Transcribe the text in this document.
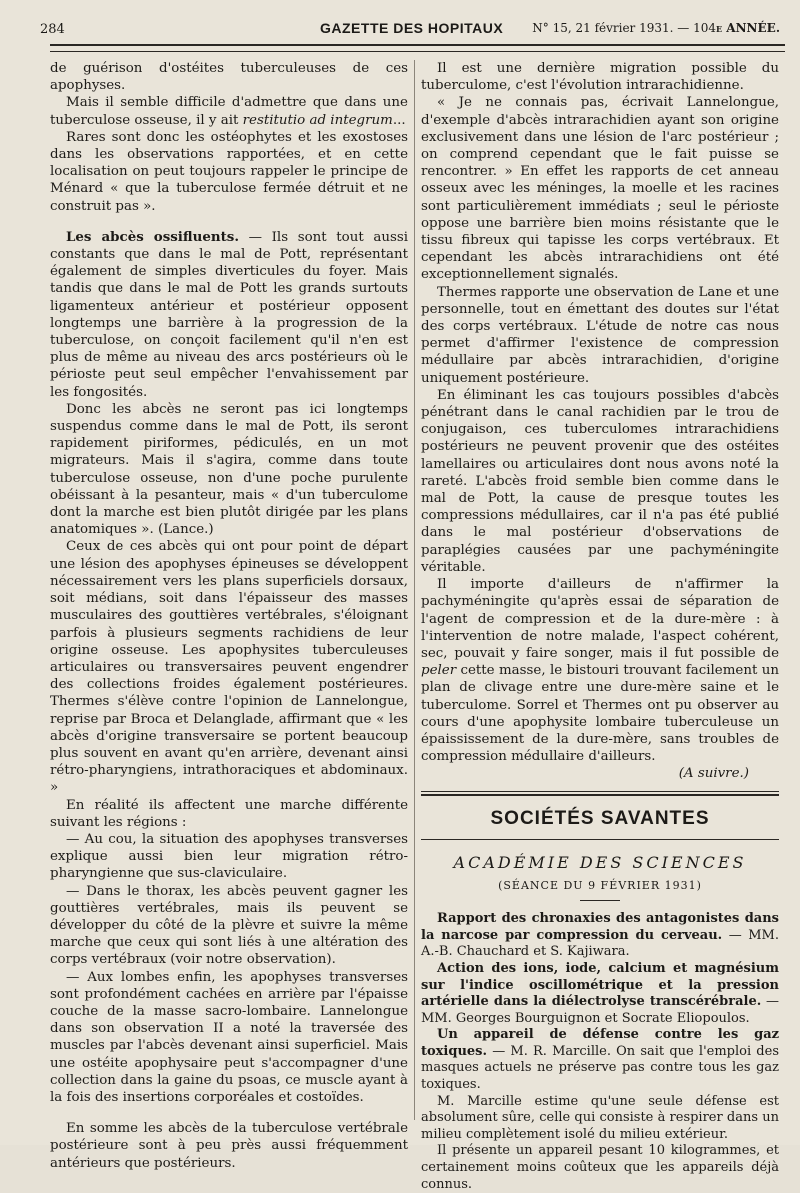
284	GAZETTE DES HOPITAUX N° 15, 21 février 1931. — 104e ANNÉE.

de guérison d'ostéites tuberculeuses de ces apophyses.

Mais il semble difficile d'admettre que dans une tuberculose osseuse, il y ait restitutio ad integrum...

Rares sont donc les ostéophytes et les exostoses dans les observations rapportées, et en cette localisation on peut toujours rappeler le principe de Ménard « que la tuberculose fermée détruit et ne construit pas ».

Les abcès ossifluents. — Ils sont tout aussi constants que dans le mal de Pott, représentant également de simples diverticules du foyer. Mais tandis que dans le mal de Pott les grands surtouts ligamenteux antérieur et postérieur opposent longtemps une barrière à la progression de la tuberculose, on conçoit facilement qu'il n'en est plus de même au niveau des arcs postérieurs où le périoste peut seul empêcher l'envahissement par les fongosités.

Donc les abcès ne seront pas ici longtemps suspendus comme dans le mal de Pott, ils seront rapidement piriformes, pédiculés, en un mot migrateurs. Mais il s'agira, comme dans toute tuberculose osseuse, non d'une poche purulente obéissant à la pesanteur, mais « d'un tuberculome dont la marche est bien plutôt dirigée par les plans anatomiques ». (Lance.)

Ceux de ces abcès qui ont pour point de départ une lésion des apophyses épineuses se développent nécessairement vers les plans superficiels dorsaux, soit médians, soit dans l'épaisseur des masses musculaires des gouttières vertébrales, s'éloignant parfois à plusieurs segments rachidiens de leur origine osseuse. Les apophysites tuberculeuses articulaires ou transversaires peuvent engendrer des collections froides également postérieures. Thermes s'élève contre l'opinion de Lannelongue, reprise par Broca et Delanglade, affirmant que « les abcès d'origine transversaire se portent beaucoup plus souvent en avant qu'en arrière, devenant ainsi rétro-pharyngiens, intrathoraciques et abdominaux. »

En réalité ils affectent une marche différente suivant les régions :

— Au cou, la situation des apophyses transverses explique aussi bien leur migration rétro-pharyngienne que sus-claviculaire.

— Dans le thorax, les abcès peuvent gagner les gouttières vertébrales, mais ils peuvent se développer du côté de la plèvre et suivre la même marche que ceux qui sont liés à une altération des corps vertébraux (voir notre observation).

— Aux lombes enfin, les apophyses transverses sont profondément cachées en arrière par l'épaisse couche de la masse sacro-lombaire. Lannelongue dans son observation II a noté la traversée des muscles par l'abcès devenant ainsi superficiel. Mais une ostéite apophysaire peut s'accompagner d'une collection dans la gaine du psoas, ce muscle ayant à la fois des insertions corporéales et costoïdes.

En somme les abcès de la tuberculose vertébrale postérieure sont à peu près aussi fréquemment antérieurs que postérieurs.

Il est une dernière migration possible du tuberculome, c'est l'évolution intrarachidienne.

« Je ne connais pas, écrivait Lannelongue, d'exemple d'abcès intrarachidien ayant son origine exclusivement dans une lésion de l'arc postérieur ; on comprend cependant que le fait puisse se rencontrer. » En effet les rapports de cet anneau osseux avec les méninges, la moelle et les racines sont particulièrement immédiats ; seul le périoste oppose une barrière bien moins résistante que le tissu fibreux qui tapisse les corps vertébraux. Et cependant les abcès intrarachidiens ont été exceptionnellement signalés.

Thermes rapporte une observation de Lane et une personnelle, tout en émettant des doutes sur l'état des corps vertébraux. L'étude de notre cas nous permet d'affirmer l'existence de compression médullaire par abcès intrarachidien, d'origine uniquement postérieure.

En éliminant les cas toujours possibles d'abcès pénétrant dans le canal rachidien par le trou de conjugaison, ces tuberculomes intrarachidiens postérieurs ne peuvent provenir que des ostéites lamellaires ou articulaires dont nous avons noté la rareté. L'abcès froid semble bien comme dans le mal de Pott, la cause de presque toutes les compressions médullaires, car il n'a pas été publié dans le mal postérieur d'observations de paraplégies causées par une pachyméningite véritable.

Il importe d'ailleurs de n'affirmer la pachyméningite qu'après essai de séparation de l'agent de compression et de la dure-mère : à l'intervention de notre malade, l'aspect cohérent, sec, pouvait y faire songer, mais il fut possible de peler cette masse, le bistouri trouvant facilement un plan de clivage entre une dure-mère saine et le tuberculome. Sorrel et Thermes ont pu observer au cours d'une apophysite lombaire tuberculeuse un épaississement de la dure-mère, sans troubles de compression médullaire d'ailleurs.

(A suivre.)

SOCIÉTÉS SAVANTES
ACADÉMIE DES SCIENCES
(SÉANCE DU 9 FÉVRIER 1931)

Rapport des chronaxies des antagonistes dans la narcose par compression du cerveau. — MM. A.-B. Chauchard et S. Kajiwara.

Action des ions, iode, calcium et magnésium sur l'indice oscillométrique et la pression artérielle dans la diélectrolyse transcérébrale. — MM. Georges Bourguignon et Socrate Eliopoulos.

Un appareil de défense contre les gaz toxiques. — M. R. Marcille. On sait que l'emploi des masques actuels ne préserve pas contre tous les gaz toxiques.

M. Marcille estime qu'une seule défense est absolument sûre, celle qui consiste à respirer dans un milieu complètement isolé du milieu extérieur.

Il présente un appareil pesant 10 kilogrammes, et certainement moins coûteux que les appareils déjà connus.
